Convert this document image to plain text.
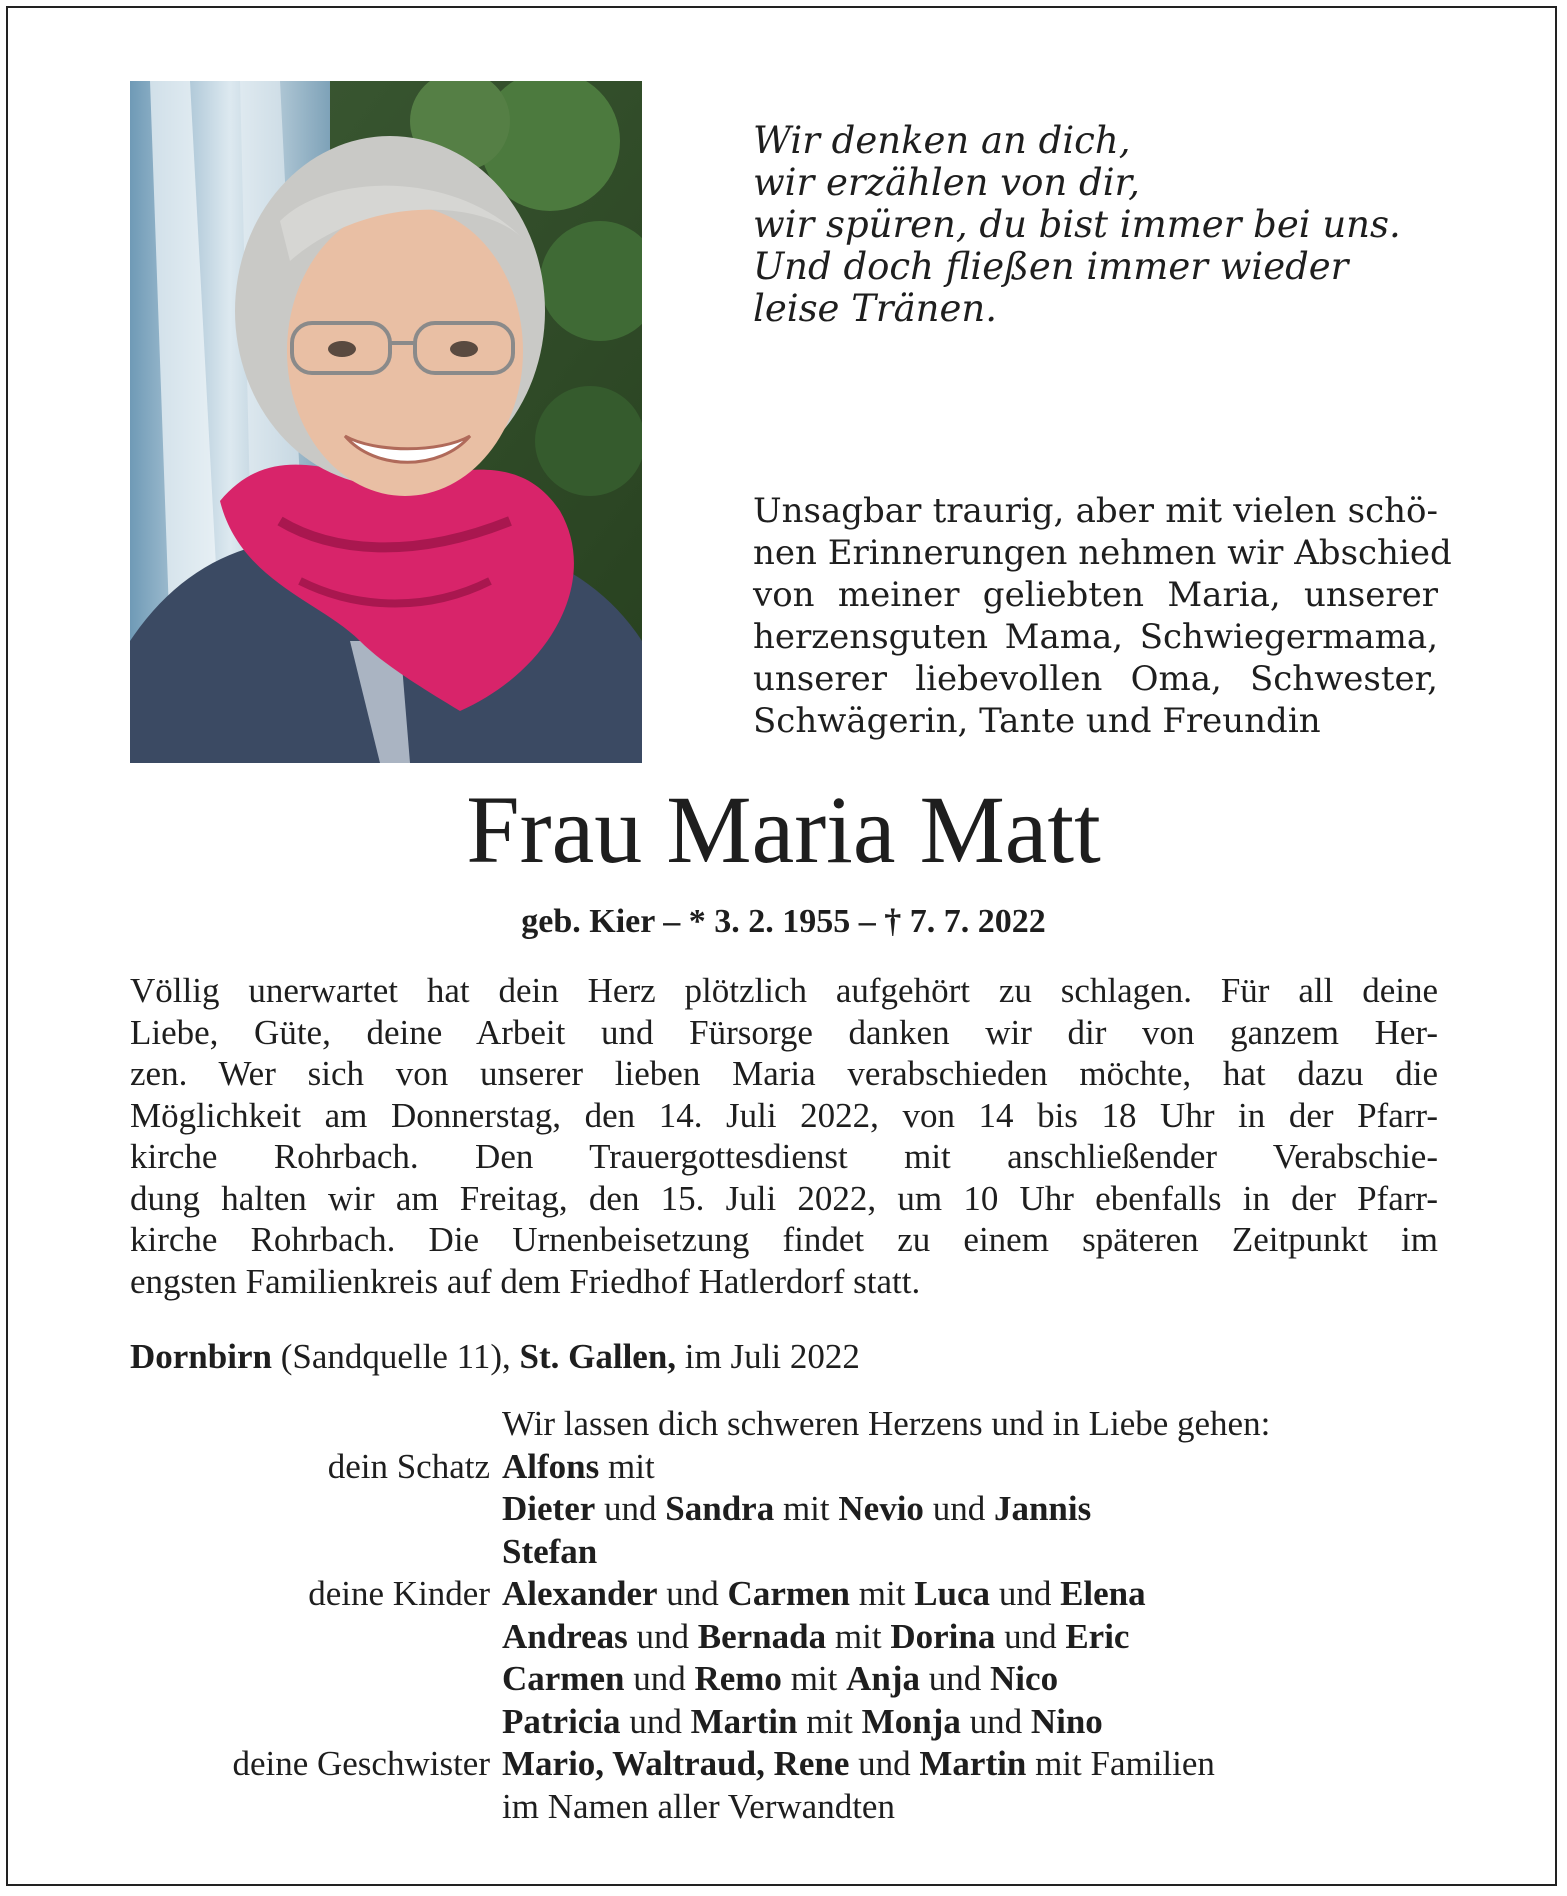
Wir denken an dich,
wir erzählen von dir,
wir spüren, du bist immer bei uns.
Und doch fließen immer wieder
leise Tränen.
Unsagbar traurig, aber mit vielen schö-
nen Erinnerungen nehmen wir Abschied
von meiner geliebten Maria, unserer
herzensguten Mama, Schwiegermama,
unserer liebevollen Oma, Schwester,
Schwägerin, Tante und Freundin
Frau Maria Matt
geb. Kier – * 3. 2. 1955 – † 7. 7. 2022
Völlig unerwartet hat dein Herz plötzlich aufgehört zu schlagen. Für all deine
Liebe, Güte, deine Arbeit und Fürsorge danken wir dir von ganzem Her-
zen. Wer sich von unserer lieben Maria verabschieden möchte, hat dazu die
Möglichkeit am Donnerstag, den 14. Juli 2022, von 14 bis 18 Uhr in der Pfarr-
kirche Rohrbach. Den Trauergottesdienst mit anschließender Verabschie-
dung halten wir am Freitag, den 15. Juli 2022, um 10 Uhr ebenfalls in der Pfarr-
kirche Rohrbach. Die Urnenbeisetzung findet zu einem späteren Zeitpunkt im
engsten Familienkreis auf dem Friedhof Hatlerdorf statt.
Dornbirn (Sandquelle 11), St. Gallen, im Juli 2022
Wir lassen dich schweren Herzens und in Liebe gehen:
dein Schatz Alfons mit
Dieter und Sandra mit Nevio und Jannis
Stefan
deine Kinder Alexander und Carmen mit Luca und Elena
Andreas und Bernada mit Dorina und Eric
Carmen und Remo mit Anja und Nico
Patricia und Martin mit Monja und Nino
deine Geschwister Mario, Waltraud, Rene und Martin mit Familien
im Namen aller Verwandten
